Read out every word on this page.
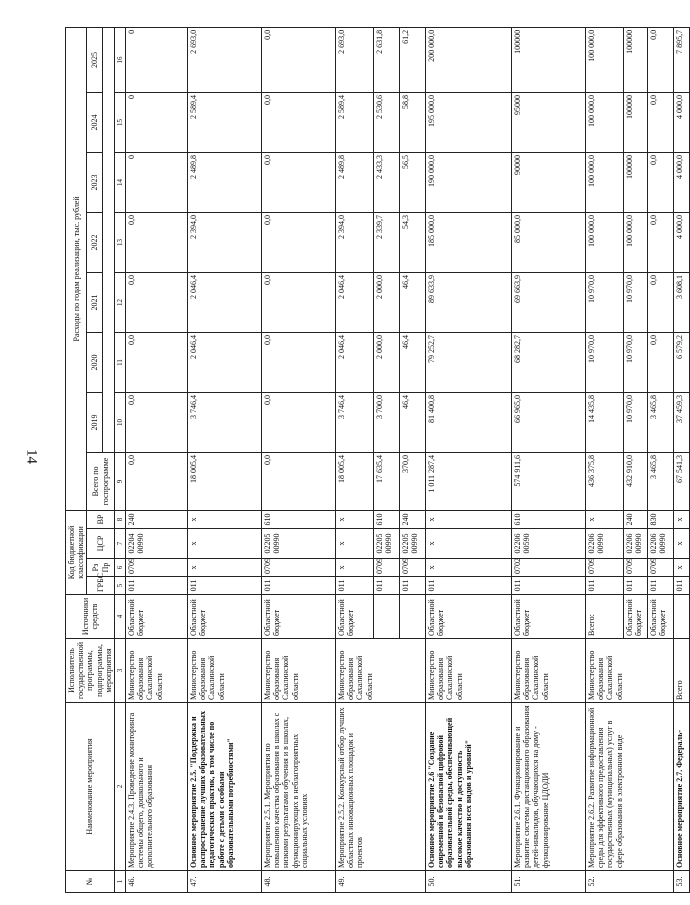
14
№	Наименование мероприятия	Исполнитель государственной программы, подпрограммы, мероприятия	Источники средств	Код бюджетной классификации				Расходы по годам реализации, тыс. рублей							
				ГРБС	Рз Пр	ЦСР	ВР	Всего по госпрограмме	2019	2020	2021	2022	2023	2024	2025

1	2	3	4	5	6	7	8	9	10	11	12	13	14	15	16
46.	Мероприятие 2.4.3. Проведение мониторинга системы общего, дошкольного и дополнительного образования	Министерство образования Сахалинской области	Областной бюджет	011	0709	02204 00990	240	0,0	0,0	0,0	0,0	0,0	0	0	0
47.	Основное мероприятие 2.5. "Поддержка и распространение лучших образовательных педагогических практик, в том числе по работе с детьми с особыми образовательными потребностями"	Министерство образования Сахалинской области	Областной бюджет	011	x	x	x	18 005,4	3 746,4	2 046,4	2 046,4	2 394,0	2 489,8	2 589,4	2 693,0
48.	Мероприятие 2.5.1. Мероприятия по повышению качества образования в школах с низкими результатами обучения и в школах, функционирующих в неблагоприятных социальных условиях	Министерство образования Сахалинской области	Областной бюджет	011	0709	02205 00990	610	0,0	0,0	0,0	0,0	0,0	0,0	0,0	0,0
49.	Мероприятие 2.5.2. Конкурсный отбор лучших областных инновационных площадок и проектов	Министерство образования Сахалинской области	Областной бюджет	011	x	x	x	18 005,4	3 746,4	2 046,4	2 046,4	2 394,0	2 489,8	2 589,4	2 693,0
				011	0709	02205 00990	610	17 635,4	3 700,0	2 000,0	2 000,0	2 339,7	2 433,3	2 530,6	2 631,8
				011	0709	02205 00990	240	370,0	46,4	46,4	46,4	54,3	56,5	58,8	61,2
50.	Основное мероприятие 2.6 "Создание современной и безопасной цифровой образовательной среды, обеспечивающей высокое качество и доступность образования всех видов и уровней"	Министерство образования Сахалинской области	Областной бюджет	011	x	x	x	1 011 287,4	81 400,8	79 252,7	89 633,9	185 000,0	190 000,0	195 000,0	200 000,0
51.	Мероприятие 2.6.1. Функционирование и развитие системы дистанционного образования детей-инвалидов, обучающихся на дому - функционирование ЦДОДИ	Министерство образования Сахалинской области	Областной бюджет	011	0702	02206 00590	610	574 911,6	66 965,0	68 282,7	69 663,9	85 000,0	90000	95000	100000
52.	Мероприятие 2.6.2. Развитие информационной среды для эффективного предоставления государственных (муниципальных) услуг в сфере образования в электронном виде	Министерство образования Сахалинской области	Всего:	011	0709	02206 00990	x	436 375,8	14 435,8	10 970,0	10 970,0	100 000,0	100 000,0	100 000,0	100 000,0
			Областной бюджет	011	0709	02206 00990	240	432 910,0	10 970,0	10 970,0	10 970,0	100 000,0	100000	100000	100000
			Областной бюджет	011	0709	02206 00990	830	3 465,8	3 465,8	0,0	0,0	0,0	0,0	0,0	0,0
53.	Основное мероприятие 2.7. Федераль-	Всего		011	x	x	x	67 541,3	37 459,3	6 579,2	3 608,1	4 000,0	4 000,0	4 000,0	7 895,7
